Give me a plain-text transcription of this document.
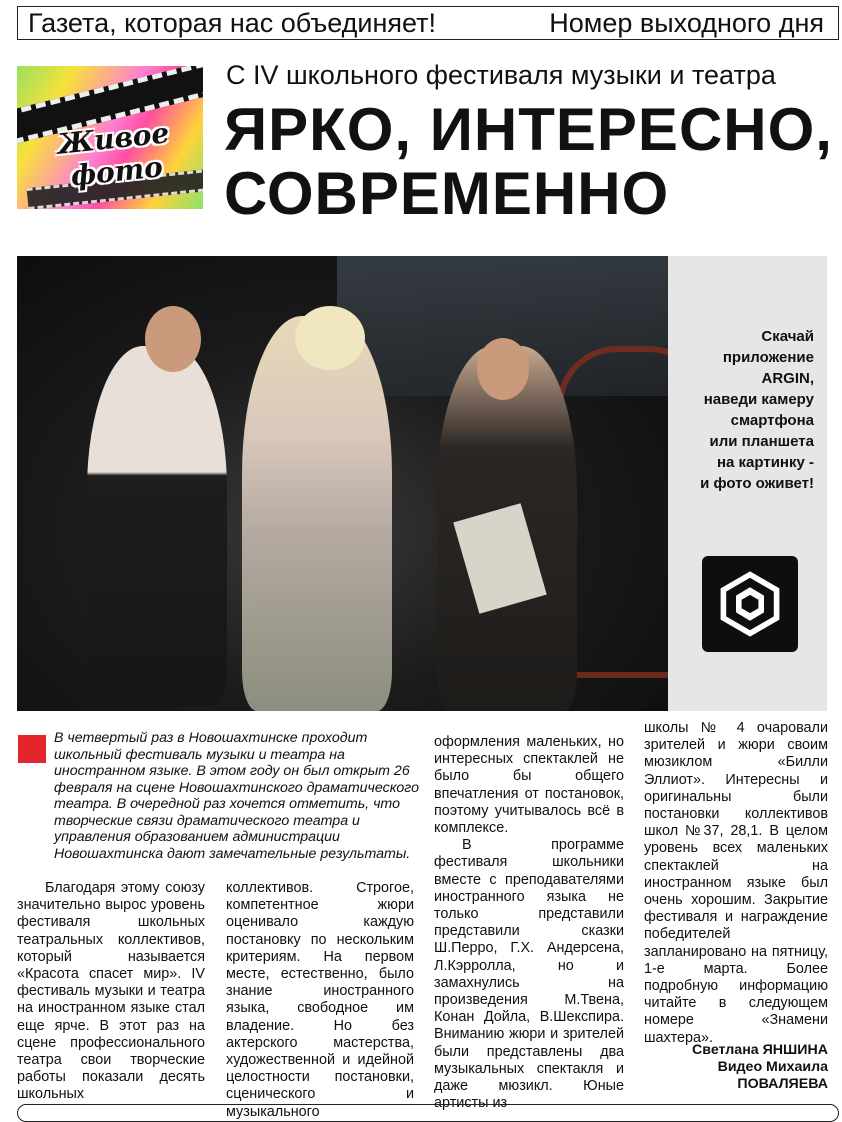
Газета, которая нас объединяет!	Номер выходного дня
Живое фото
С IV школьного фестиваля музыки и театра
ЯРКО, ИНТЕРЕСНО,
СОВРЕМЕННО
Скачай
приложение
ARGIN,
наведи камеру
смартфона
или планшета
на картинку -
и фото оживет!
В четвертый раз в Новошахтинске проходит школьный фестиваль музыки и театра на иностранном языке. В этом году он был открыт 26 февраля на сцене Новошахтинского драматического театра. В очередной раз хочется отметить, что творческие связи драматического театра и управления образованием администрации Новошахтинска дают замечательные результаты.

Благодаря этому союзу значительно вырос уровень фестиваля школьных театральных коллективов, который называется «Красота спасет мир». IV фестиваль музыки и театра на иностранном языке стал еще ярче. В этот раз на сцене профессионального театра свои творческие работы показали десять школьных

коллективов. Строгое, компетентное жюри оценивало каждую постановку по нескольким критериям. На первом месте, естественно, было знание иностранного языка, свободное им владение. Но без актерского мастерства, художественной и идейной целостности постановки, сценического и музыкального

оформления маленьких, но интересных спектаклей не было бы общего впечатления от постановок, поэтому учитывалось всё в комплексе.

В программе фестиваля школьники вместе с преподавателями иностранного языка не только представили представили сказки Ш.Перро, Г.Х. Андерсена, Л.Кэрролла, но и замахнулись на произведения М.Твена, Конан Дойла, В.Шекспира. Вниманию жюри и зрителей были представлены два музыкальных спектакля и даже мюзикл. Юные артисты из

школы № 4 очаровали зрителей и жюри своим мюзиклом «Билли Эллиот». Интересны и оригинальны были постановки коллективов школ №37, 28,1. В целом уровень всех маленьких спектаклей на иностранном языке был очень хорошим. Закрытие фестиваля и награждение победителей запланировано на пятницу, 1-е марта. Более подробную информацию читайте в следующем номере «Знамени шахтера».

Светлана ЯНШИНА
Видео Михаила
ПОВАЛЯЕВА
